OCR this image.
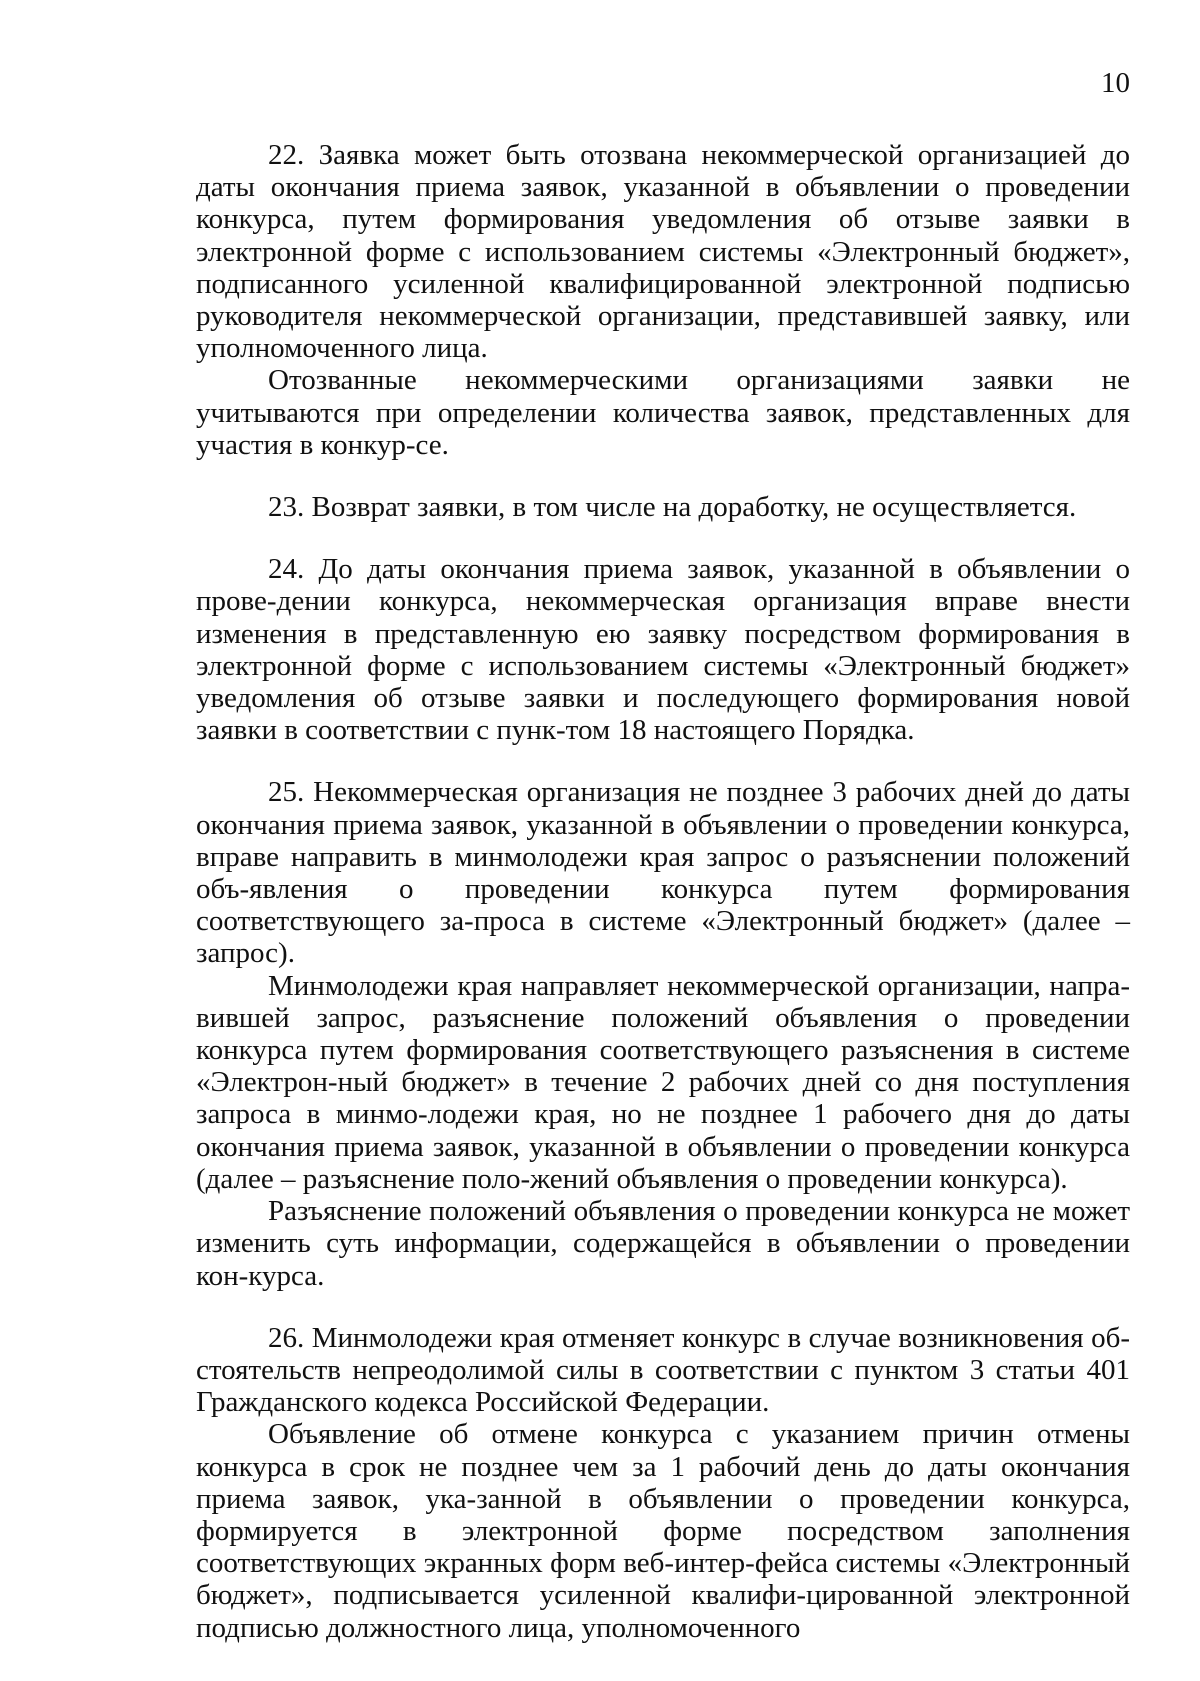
10

22. Заявка может быть отозвана некоммерческой организацией до даты окончания приема заявок, указанной в объявлении о проведении конкурса, путем формирования уведомления об отзыве заявки в электронной форме с использованием системы «Электронный бюджет», подписанного усиленной квалифицированной электронной подписью руководителя некоммерческой организации, представившей заявку, или уполномоченного лица.

Отозванные некоммерческими организациями заявки не учитываются при определении количества заявок, представленных для участия в конкур-се.

23. Возврат заявки, в том числе на доработку, не осуществляется.

24. До даты окончания приема заявок, указанной в объявлении о прове-дении конкурса, некоммерческая организация вправе внести изменения в представленную ею заявку посредством формирования в электронной форме с использованием системы «Электронный бюджет» уведомления об отзыве заявки и последующего формирования новой заявки в соответствии с пунк-том 18 настоящего Порядка.

25. Некоммерческая организация не позднее 3 рабочих дней до даты окончания приема заявок, указанной в объявлении о проведении конкурса, вправе направить в минмолодежи края запрос о разъяснении положений объ-явления о проведении конкурса путем формирования соответствующего за-проса в системе «Электронный бюджет» (далее – запрос).

Минмолодежи края направляет некоммерческой организации, напра-вившей запрос, разъяснение положений объявления о проведении конкурса путем формирования соответствующего разъяснения в системе «Электрон-ный бюджет» в течение 2 рабочих дней со дня поступления запроса в минмо-лодежи края, но не позднее 1 рабочего дня до даты окончания приема заявок, указанной в объявлении о проведении конкурса (далее – разъяснение поло-жений объявления о проведении конкурса).

Разъяснение положений объявления о проведении конкурса не может изменить суть информации, содержащейся в объявлении о проведении кон-курса.

26. Минмолодежи края отменяет конкурс в случае возникновения об-стоятельств непреодолимой силы в соответствии с пунктом 3 статьи 401 Гражданского кодекса Российской Федерации.

Объявление об отмене конкурса с указанием причин отмены конкурса в срок не позднее чем за 1 рабочий день до даты окончания приема заявок, ука-занной в объявлении о проведении конкурса, формируется в электронной форме посредством заполнения соответствующих экранных форм веб-интер-фейса системы «Электронный бюджет», подписывается усиленной квалифи-цированной электронной подписью должностного лица, уполномоченного
